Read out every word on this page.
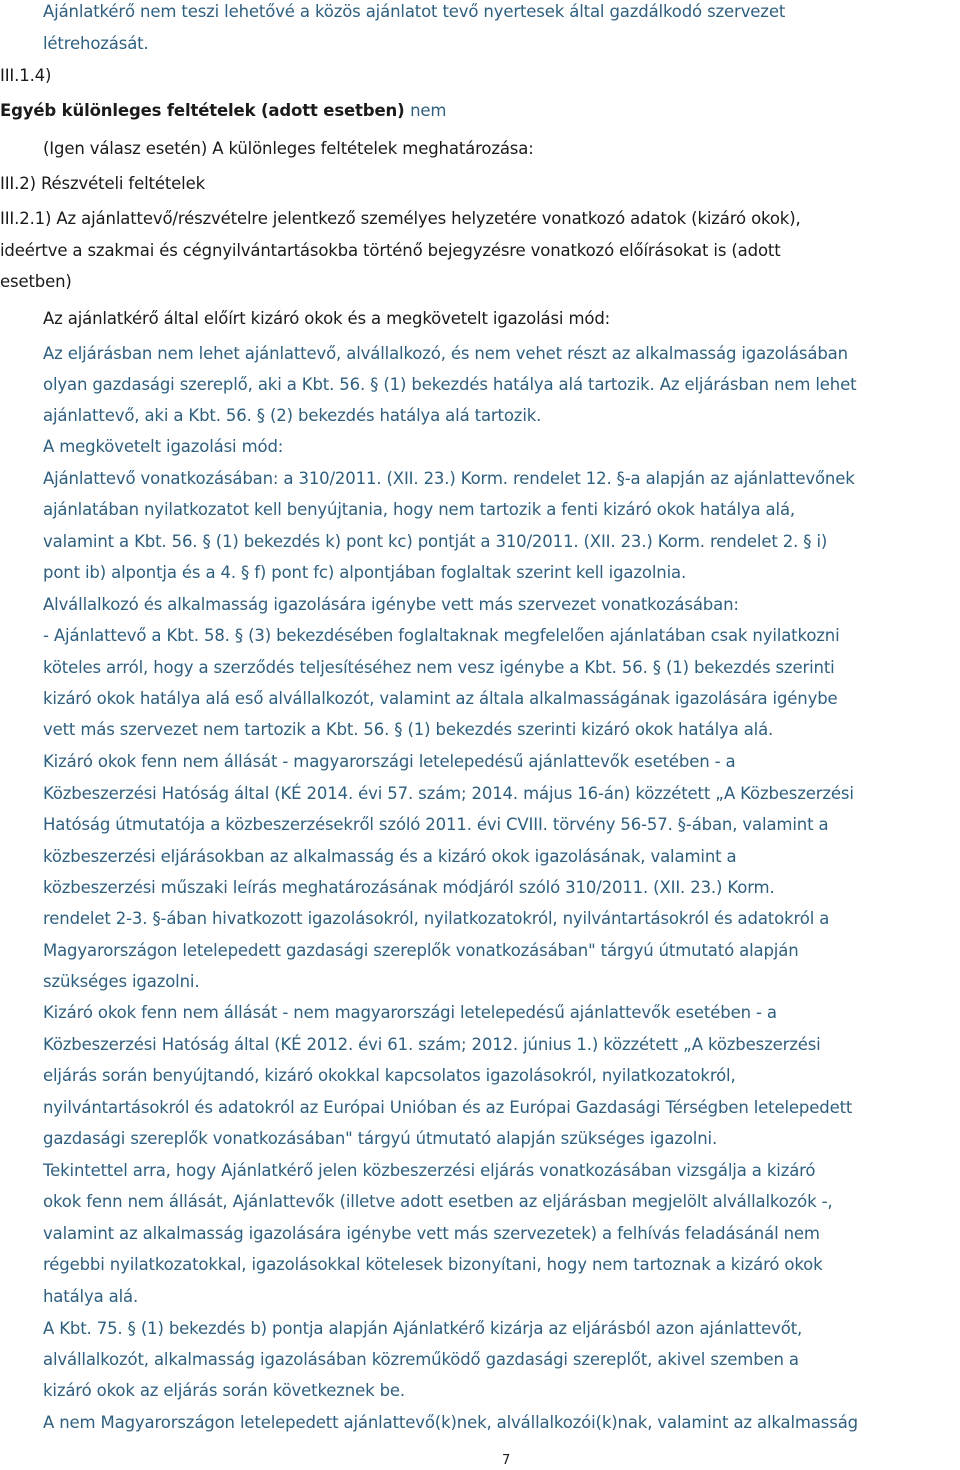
Ajánlatkérő nem teszi lehetővé a közös ajánlatot tevő nyertesek által gazdálkodó szervezet
létrehozását.
III.1.4)
Egyéb különleges feltételek (adott esetben) nem
(Igen válasz esetén) A különleges feltételek meghatározása:
III.2) Részvételi feltételek
III.2.1) Az ajánlattevő/részvételre jelentkező személyes helyzetére vonatkozó adatok (kizáró okok),
ideértve a szakmai és cégnyilvántartásokba történő bejegyzésre vonatkozó előírásokat is (adott
esetben)
Az ajánlatkérő által előírt kizáró okok és a megkövetelt igazolási mód:
Az eljárásban nem lehet ajánlattevő, alvállalkozó, és nem vehet részt az alkalmasság igazolásában
olyan gazdasági szereplő, aki a Kbt. 56. § (1) bekezdés hatálya alá tartozik. Az eljárásban nem lehet
ajánlattevő, aki a Kbt. 56. § (2) bekezdés hatálya alá tartozik.
A megkövetelt igazolási mód:
Ajánlattevő vonatkozásában: a 310/2011. (XII. 23.) Korm. rendelet 12. §-a alapján az ajánlattevőnek
ajánlatában nyilatkozatot kell benyújtania, hogy nem tartozik a fenti kizáró okok hatálya alá,
valamint a Kbt. 56. § (1) bekezdés k) pont kc) pontját a 310/2011. (XII. 23.) Korm. rendelet 2. § i)
pont ib) alpontja és a 4. § f) pont fc) alpontjában foglaltak szerint kell igazolnia.
Alvállalkozó és alkalmasság igazolására igénybe vett más szervezet vonatkozásában:
- Ajánlattevő a Kbt. 58. § (3) bekezdésében foglaltaknak megfelelően ajánlatában csak nyilatkozni
köteles arról, hogy a szerződés teljesítéséhez nem vesz igénybe a Kbt. 56. § (1) bekezdés szerinti
kizáró okok hatálya alá eső alvállalkozót, valamint az általa alkalmasságának igazolására igénybe
vett más szervezet nem tartozik a Kbt. 56. § (1) bekezdés szerinti kizáró okok hatálya alá.
Kizáró okok fenn nem állását - magyarországi letelepedésű ajánlattevők esetében - a
Közbeszerzési Hatóság által (KÉ 2014. évi 57. szám; 2014. május 16-án) közzétett „A Közbeszerzési
Hatóság útmutatója a közbeszerzésekről szóló 2011. évi CVIII. törvény 56-57. §-ában, valamint a
közbeszerzési eljárásokban az alkalmasság és a kizáró okok igazolásának, valamint a
közbeszerzési műszaki leírás meghatározásának módjáról szóló 310/2011. (XII. 23.) Korm.
rendelet 2-3. §-ában hivatkozott igazolásokról, nyilatkozatokról, nyilvántartásokról és adatokról a
Magyarországon letelepedett gazdasági szereplők vonatkozásában" tárgyú útmutató alapján
szükséges igazolni.
Kizáró okok fenn nem állását - nem magyarországi letelepedésű ajánlattevők esetében - a
Közbeszerzési Hatóság által (KÉ 2012. évi 61. szám; 2012. június 1.) közzétett „A közbeszerzési
eljárás során benyújtandó, kizáró okokkal kapcsolatos igazolásokról, nyilatkozatokról,
nyilvántartásokról és adatokról az Európai Unióban és az Európai Gazdasági Térségben letelepedett
gazdasági szereplők vonatkozásában" tárgyú útmutató alapján szükséges igazolni.
Tekintettel arra, hogy Ajánlatkérő jelen közbeszerzési eljárás vonatkozásában vizsgálja a kizáró
okok fenn nem állását, Ajánlattevők (illetve adott esetben az eljárásban megjelölt alvállalkozók -,
valamint az alkalmasság igazolására igénybe vett más szervezetek) a felhívás feladásánál nem
régebbi nyilatkozatokkal, igazolásokkal kötelesek bizonyítani, hogy nem tartoznak a kizáró okok
hatálya alá.
A Kbt. 75. § (1) bekezdés b) pontja alapján Ajánlatkérő kizárja az eljárásból azon ajánlattevőt,
alvállalkozót, alkalmasság igazolásában közreműködő gazdasági szereplőt, akivel szemben a
kizáró okok az eljárás során következnek be.
A nem Magyarországon letelepedett ajánlattevő(k)nek, alvállalkozói(k)nak, valamint az alkalmasság
7
